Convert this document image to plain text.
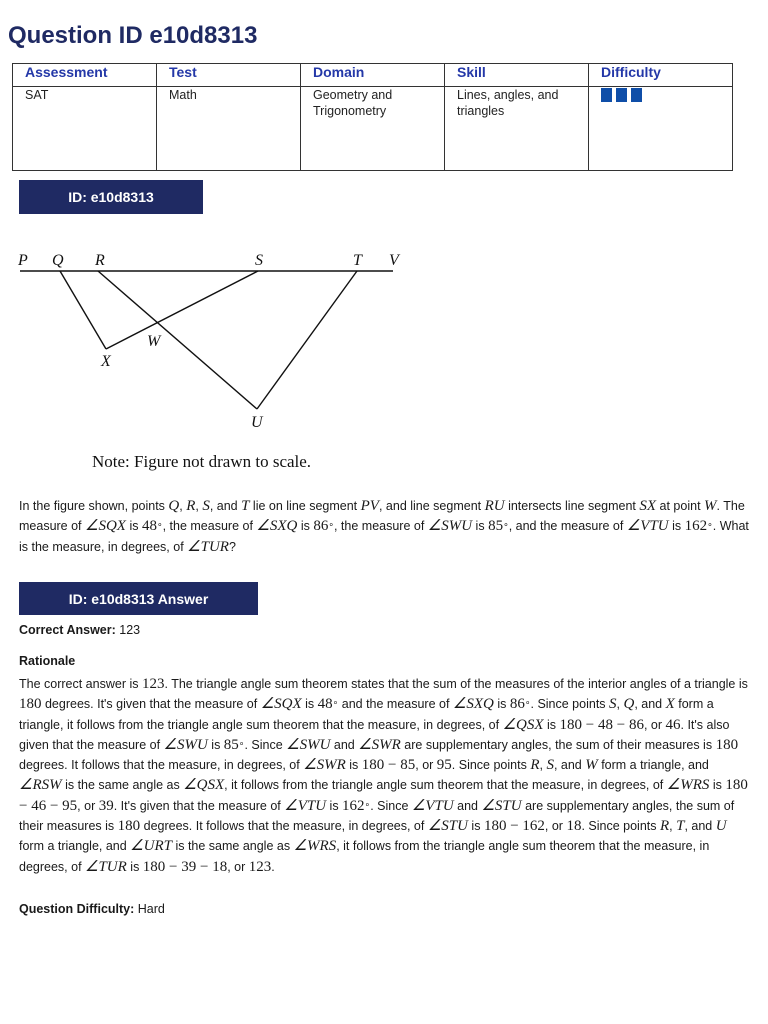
Question ID e10d8313
Assessment	Test	Domain	Skill	Difficulty
SAT	Math	Geometry and Trigonometry	Lines, angles, and triangles	
ID: e10d8313
P Q R	S	T V
W
X
U
Note: Figure not drawn to scale.
In the figure shown, points Q, R, S, and T lie on line segment PV, and line segment RU intersects line segment SX at point W. The measure of ∠SQX is 48∘, the measure of ∠SXQ is 86∘, the measure of ∠SWU is 85∘, and the measure of ∠VTU is 162∘. What is the measure, in degrees, of ∠TUR?
ID: e10d8313 Answer
Correct Answer: 123
Rationale
The correct answer is 123. The triangle angle sum theorem states that the sum of the measures of the interior angles of a triangle is 180 degrees. It's given that the measure of ∠SQX is 48∘ and the measure of ∠SXQ is 86∘. Since points S, Q, and X form a triangle, it follows from the triangle angle sum theorem that the measure, in degrees, of ∠QSX is 180 − 48 − 86, or 46. It's also given that the measure of ∠SWU is 85∘. Since ∠SWU and ∠SWR are supplementary angles, the sum of their measures is 180 degrees. It follows that the measure, in degrees, of ∠SWR is 180 − 85, or 95. Since points R, S, and W form a triangle, and ∠RSW is the same angle as ∠QSX, it follows from the triangle angle sum theorem that the measure, in degrees, of ∠WRS is 180 − 46 − 95, or 39. It's given that the measure of ∠VTU is 162∘. Since ∠VTU and ∠STU are supplementary angles, the sum of their measures is 180 degrees. It follows that the measure, in degrees, of ∠STU is 180 − 162, or 18. Since points R, T, and U form a triangle, and ∠URT is the same angle as ∠WRS, it follows from the triangle angle sum theorem that the measure, in degrees, of ∠TUR is 180 − 39 − 18, or 123.
Question Difficulty: Hard
